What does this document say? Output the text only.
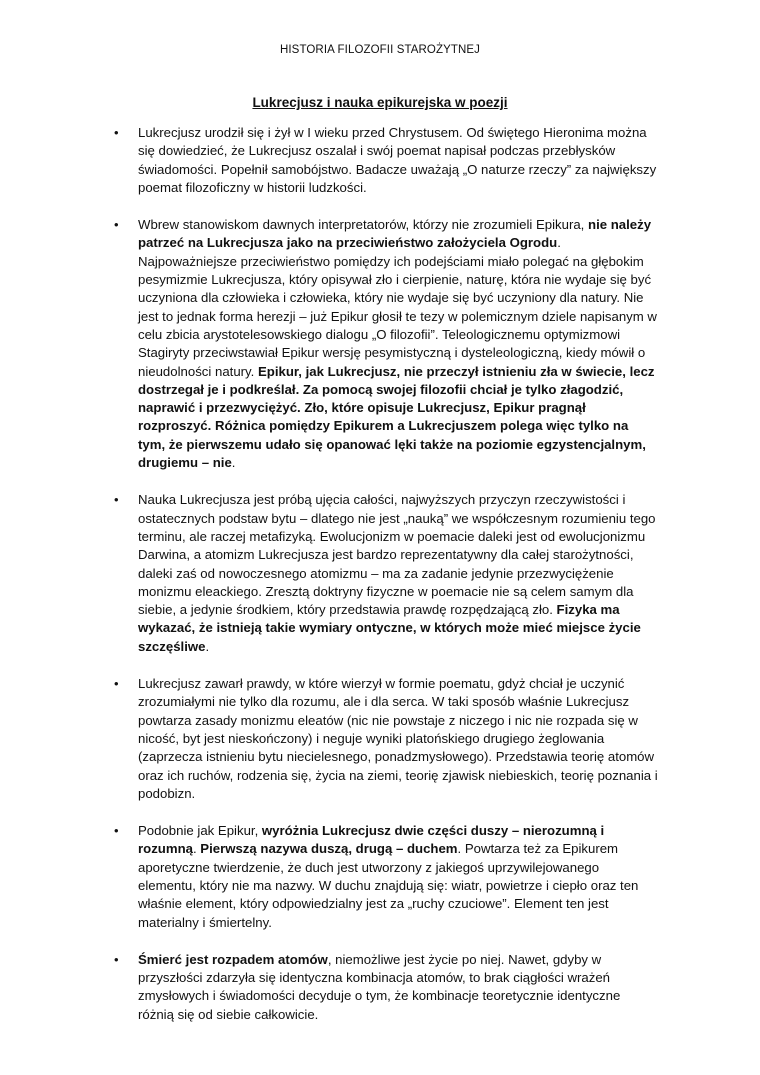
HISTORIA FILOZOFII STAROŻYTNEJ
Lukrecjusz i nauka epikurejska w poezji
• Lukrecjusz urodził się i żył w I wieku przed Chrystusem. Od świętego Hieronima można się dowiedzieć, że Lukrecjusz oszalał i swój poemat napisał podczas przebłysków świadomości. Popełnił samobójstwo. Badacze uważają „O naturze rzeczy” za największy poemat filozoficzny w historii ludzkości.
• Wbrew stanowiskom dawnych interpretatorów, którzy nie zrozumieli Epikura, nie należy patrzeć na Lukrecjusza jako na przeciwieństwo założyciela Ogrodu. Najpoważniejsze przeciwieństwo pomiędzy ich podejściami miało polegać na głębokim pesymizmie Lukrecjusza, który opisywał zło i cierpienie, naturę, która nie wydaje się być uczyniona dla człowieka i człowieka, który nie wydaje się być uczyniony dla natury. Nie jest to jednak forma herezji – już Epikur głosił te tezy w polemicznym dziele napisanym w celu zbicia arystotelesowskiego dialogu „O filozofii”. Teleologicznemu optymizmowi Stagiryty przeciwstawiał Epikur wersję pesymistyczną i dysteleologiczną, kiedy mówił o nieudolności natury. Epikur, jak Lukrecjusz, nie przeczył istnieniu zła w świecie, lecz dostrzegał je i podkreślał. Za pomocą swojej filozofii chciał je tylko złagodzić, naprawić i przezwyciężyć. Zło, które opisuje Lukrecjusz, Epikur pragnął rozproszyć. Różnica pomiędzy Epikurem a Lukrecjuszem polega więc tylko na tym, że pierwszemu udało się opanować lęki także na poziomie egzystencjalnym, drugiemu – nie.
• Nauka Lukrecjusza jest próbą ujęcia całości, najwyższych przyczyn rzeczywistości i ostatecznych podstaw bytu – dlatego nie jest „nauką” we współczesnym rozumieniu tego terminu, ale raczej metafizyką. Ewolucjonizm w poemacie daleki jest od ewolucjonizmu Darwina, a atomizm Lukrecjusza jest bardzo reprezentatywny dla całej starożytności, daleki zaś od nowoczesnego atomizmu – ma za zadanie jedynie przezwyciężenie monizmu eleackiego. Zresztą doktryny fizyczne w poemacie nie są celem samym dla siebie, a jedynie środkiem, który przedstawia prawdę rozpędzającą zło. Fizyka ma wykazać, że istnieją takie wymiary ontyczne, w których może mieć miejsce życie szczęśliwe.
• Lukrecjusz zawarł prawdy, w które wierzył w formie poematu, gdyż chciał je uczynić zrozumiałymi nie tylko dla rozumu, ale i dla serca. W taki sposób właśnie Lukrecjusz powtarza zasady monizmu eleatów (nic nie powstaje z niczego i nic nie rozpada się w nicość, byt jest nieskończony) i neguje wyniki platońskiego drugiego żeglowania (zaprzecza istnieniu bytu niecielesnego, ponadzmysłowego). Przedstawia teorię atomów oraz ich ruchów, rodzenia się, życia na ziemi, teorię zjawisk niebieskich, teorię poznania i podobizn.
• Podobnie jak Epikur, wyróżnia Lukrecjusz dwie części duszy – nierozumną i rozumną. Pierwszą nazywa duszą, drugą – duchem. Powtarza też za Epikurem aporetyczne twierdzenie, że duch jest utworzony z jakiegoś uprzywilejowanego elementu, który nie ma nazwy. W duchu znajdują się: wiatr, powietrze i ciepło oraz ten właśnie element, który odpowiedzialny jest za „ruchy czuciowe”. Element ten jest materialny i śmiertelny.
• Śmierć jest rozpadem atomów, niemożliwe jest życie po niej. Nawet, gdyby w przyszłości zdarzyła się identyczna kombinacja atomów, to brak ciągłości wrażeń zmysłowych i świadomości decyduje o tym, że kombinacje teoretycznie identyczne różnią się od siebie całkowicie.
